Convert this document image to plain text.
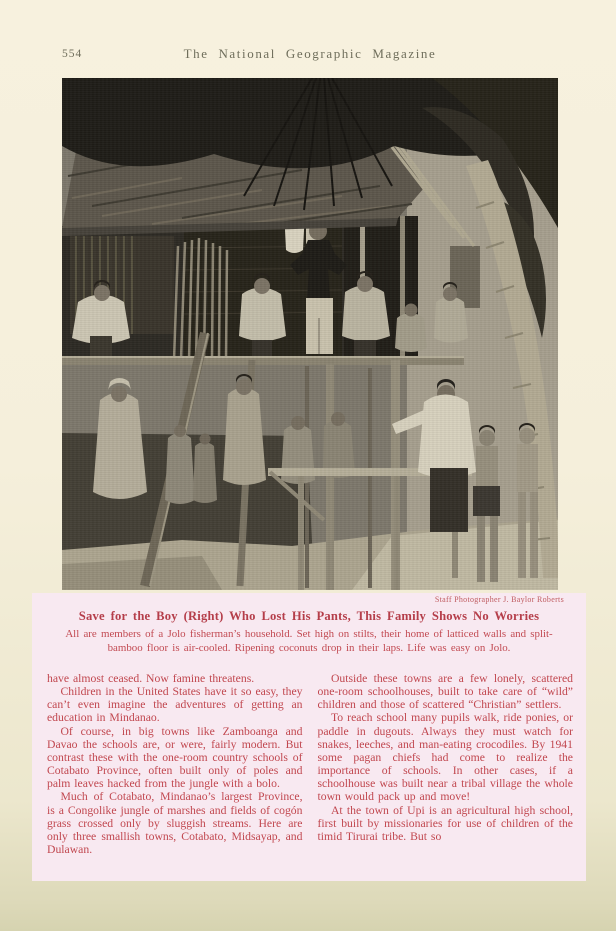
554	The National Geographic Magazine
Staff Photographer J. Baylor Roberts
Save for the Boy (Right) Who Lost His Pants, This Family Shows No Worries
All are members of a Jolo fisherman’s household. Set high on stilts, their home of latticed walls and split-
bamboo floor is air-cooled. Ripening coconuts drop in their laps. Life was easy on Jolo.

have almost ceased. Now famine threatens.

Children in the United States have it so easy, they can’t even imagine the adventures of getting an education in Mindanao.

Of course, in big towns like Zamboanga and Davao the schools are, or were, fairly modern. But contrast these with the one-room country schools of Cotabato Province, often built only of poles and palm leaves hacked from the jungle with a bolo.

Much of Cotabato, Mindanao’s largest Province, is a Congolike jungle of marshes and fields of cogón grass crossed only by sluggish streams. Here are only three smallish towns, Cotabato, Midsayap, and Dulawan.

Outside these towns are a few lonely, scattered one-room schoolhouses, built to take care of “wild” children and those of scattered “Christian” settlers.

To reach school many pupils walk, ride ponies, or paddle in dugouts. Always they must watch for snakes, leeches, and man-eating crocodiles. By 1941 some pagan chiefs had come to realize the importance of schools. In other cases, if a schoolhouse was built near a tribal village the whole town would pack up and move!

At the town of Upi is an agricultural high school, first built by missionaries for use of children of the timid Tirurai tribe. But so
